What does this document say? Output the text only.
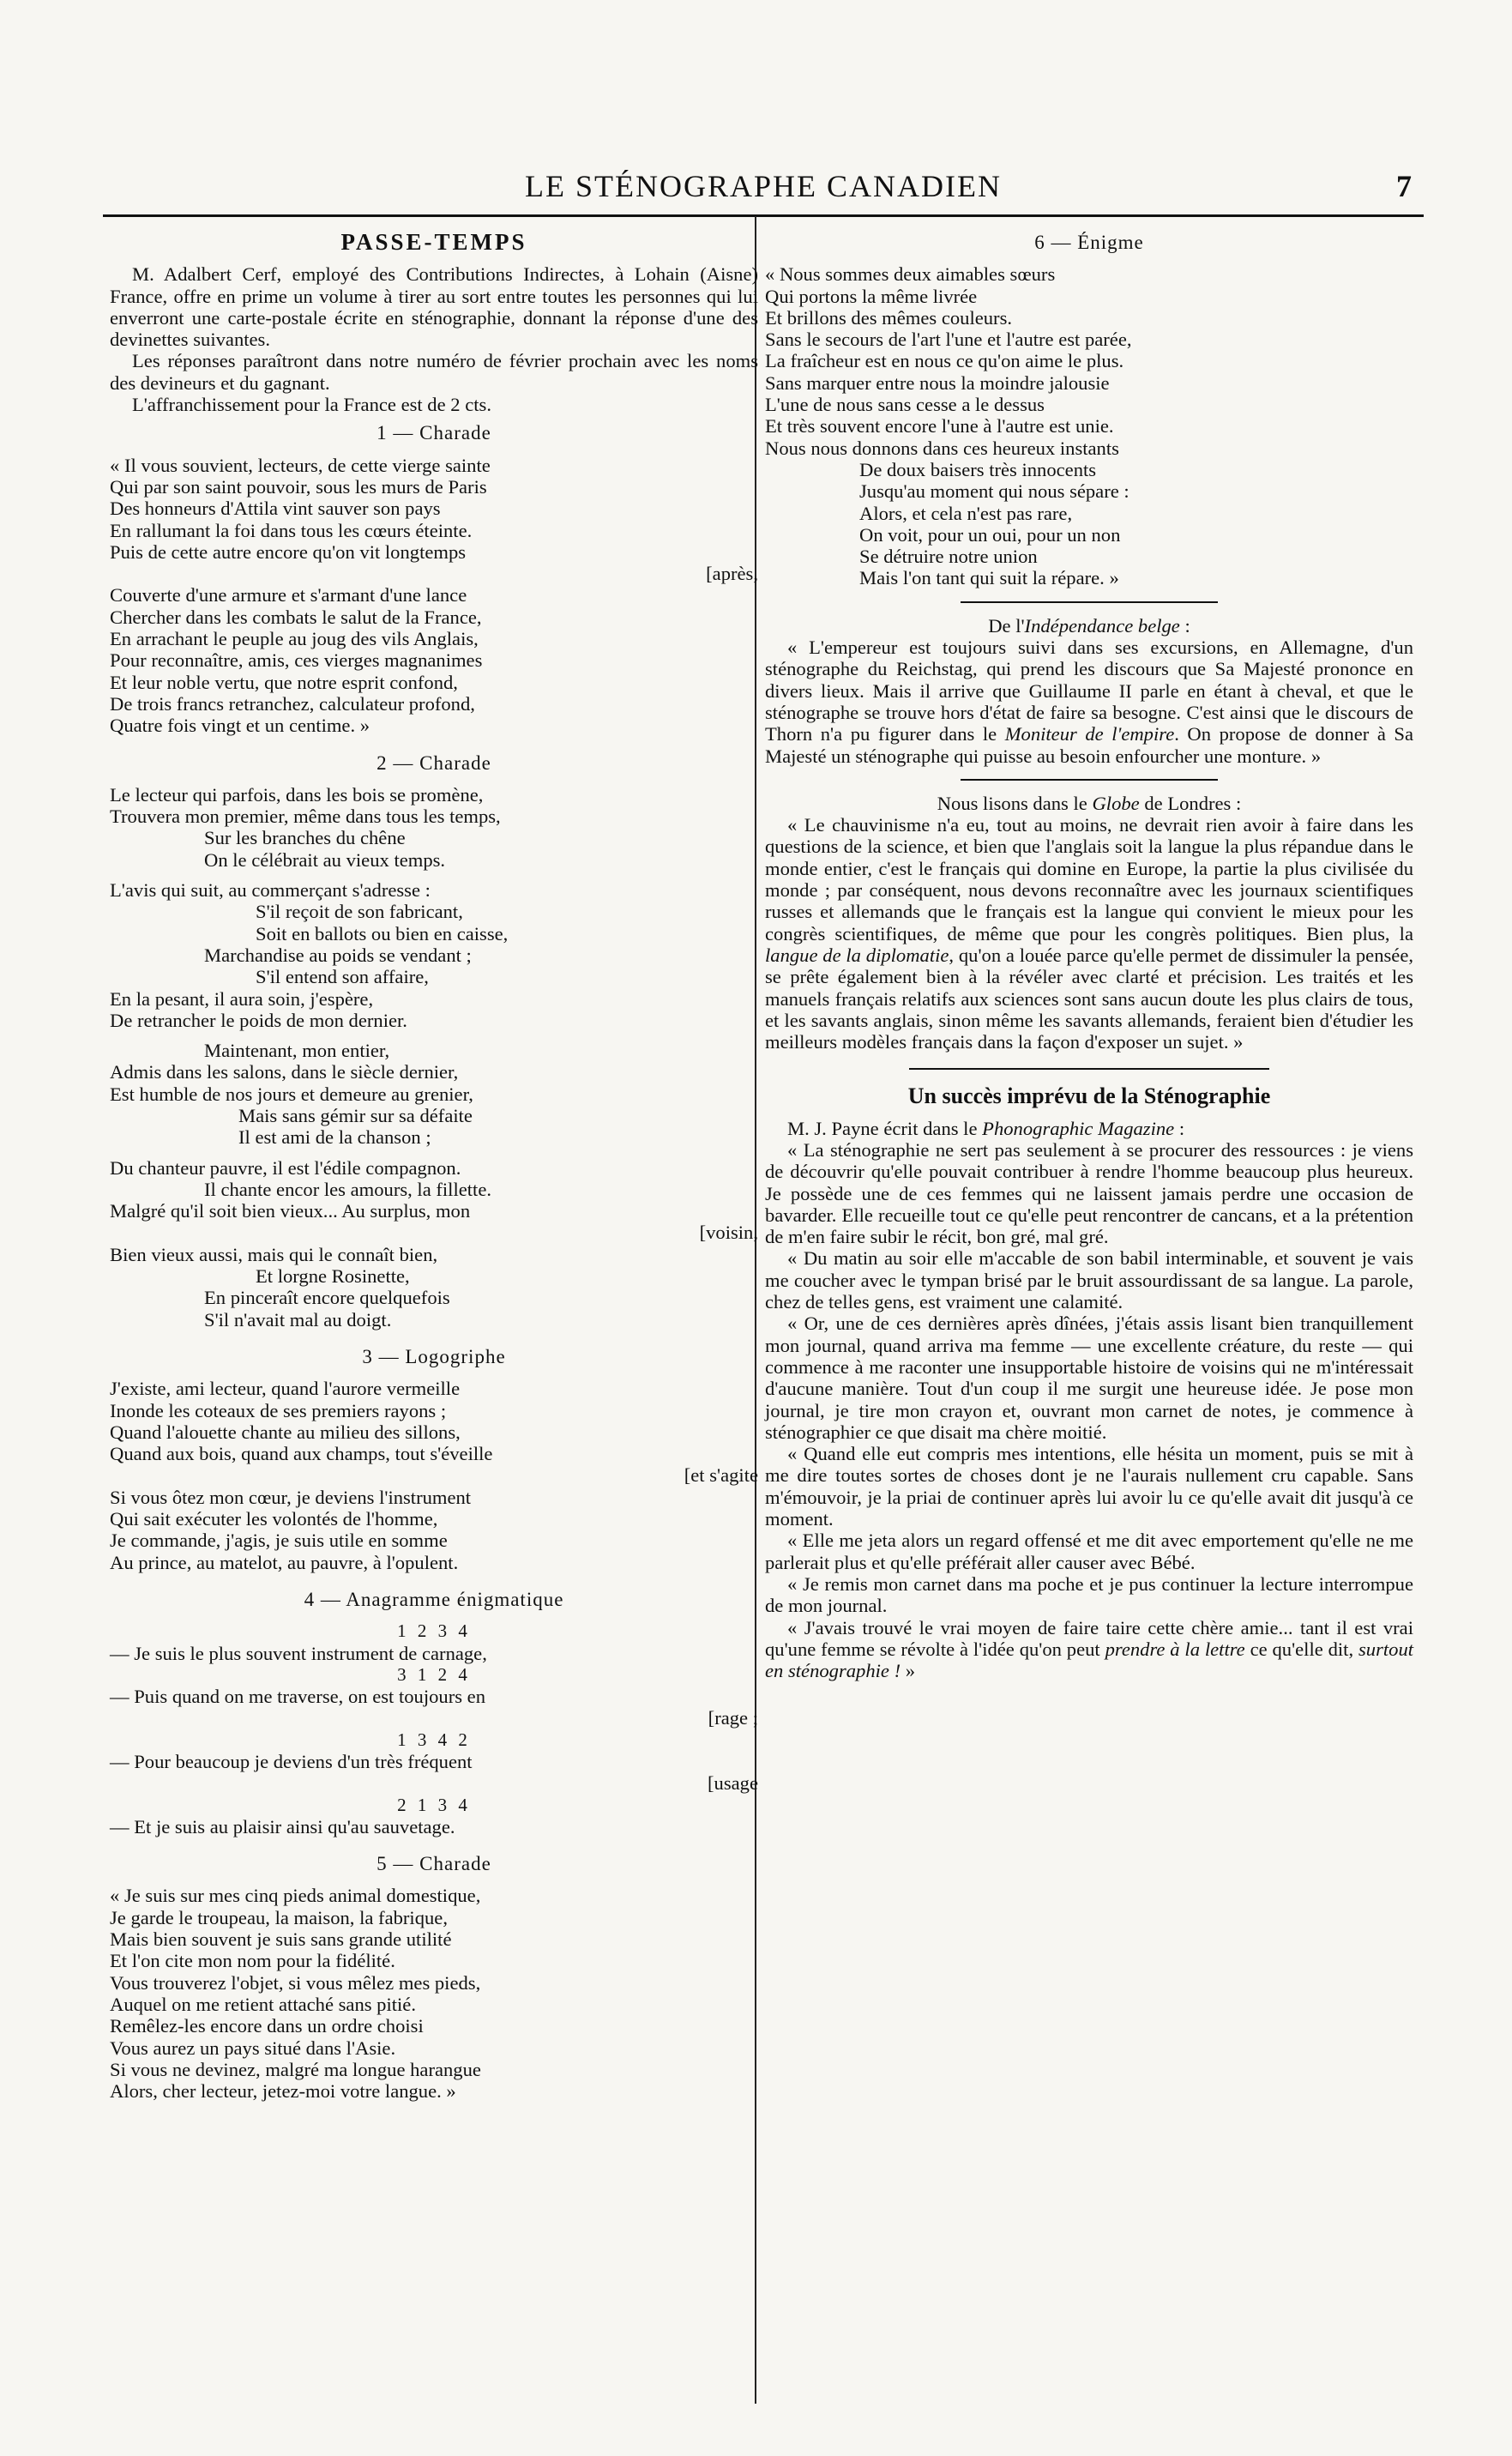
LE STÉNOGRAPHE CANADIEN	7
PASSE-TEMPS

M. Adalbert Cerf, employé des Contributions Indirectes, à Lohain (Aisne) France, offre en prime un volume à tirer au sort entre toutes les personnes qui lui enverront une carte-postale écrite en sténographie, donnant la réponse d'une des devinettes suivantes.

Les réponses paraîtront dans notre numéro de février prochain avec les noms des devineurs et du gagnant.

L'affranchissement pour la France est de 2 cts.

1 — Charade
« Il vous souvient, lecteurs, de cette vierge sainte
Qui par son saint pouvoir, sous les murs de Paris
Des honneurs d'Attila vint sauver son pays
En rallumant la foi dans tous les cœurs éteinte.
Puis de cette autre encore qu'on vit longtemps
[après,
Couverte d'une armure et s'armant d'une lance
Chercher dans les combats le salut de la France,
En arrachant le peuple au joug des vils Anglais,
Pour reconnaître, amis, ces vierges magnanimes
Et leur noble vertu, que notre esprit confond,
De trois francs retranchez, calculateur profond,
Quatre fois vingt et un centime. »
2 — Charade
Le lecteur qui parfois, dans les bois se promène,
Trouvera mon premier, même dans tous les temps,
Sur les branches du chêne
On le célébrait au vieux temps.
L'avis qui suit, au commerçant s'adresse :
S'il reçoit de son fabricant,
Soit en ballots ou bien en caisse,
Marchandise au poids se vendant ;
S'il entend son affaire,
En la pesant, il aura soin, j'espère,
De retrancher le poids de mon dernier.
Maintenant, mon entier,
Admis dans les salons, dans le siècle dernier,
Est humble de nos jours et demeure au grenier,
Mais sans gémir sur sa défaite
Il est ami de la chanson ;
Du chanteur pauvre, il est l'édile compagnon.
Il chante encor les amours, la fillette.
Malgré qu'il soit bien vieux... Au surplus, mon
[voisin,
Bien vieux aussi, mais qui le connaît bien,
Et lorgne Rosinette,
En pinceraît encore quelquefois
S'il n'avait mal au doigt.
3 — Logogriphe
J'existe, ami lecteur, quand l'aurore vermeille
Inonde les coteaux de ses premiers rayons ;
Quand l'alouette chante au milieu des sillons,
Quand aux bois, quand aux champs, tout s'éveille
[et s'agite
Si vous ôtez mon cœur, je deviens l'instrument
Qui sait exécuter les volontés de l'homme,
Je commande, j'agis, je suis utile en somme
Au prince, au matelot, au pauvre, à l'opulent.
4 — Anagramme énigmatique
1 2 3 4
— Je suis le plus souvent instrument de carnage,
3 1 2 4
— Puis quand on me traverse, on est toujours en
[rage ;
1 3 4 2
— Pour beaucoup je deviens d'un très fréquent
[usage
2 1 3 4
— Et je suis au plaisir ainsi qu'au sauvetage.
5 — Charade
« Je suis sur mes cinq pieds animal domestique,
Je garde le troupeau, la maison, la fabrique,
Mais bien souvent je suis sans grande utilité
Et l'on cite mon nom pour la fidélité.
Vous trouverez l'objet, si vous mêlez mes pieds,
Auquel on me retient attaché sans pitié.
Remêlez-les encore dans un ordre choisi
Vous aurez un pays situé dans l'Asie.
Si vous ne devinez, malgré ma longue harangue
Alors, cher lecteur, jetez-moi votre langue. »
6 — Énigme
« Nous sommes deux aimables sœurs
Qui portons la même livrée
Et brillons des mêmes couleurs.
Sans le secours de l'art l'une et l'autre est parée,
La fraîcheur est en nous ce qu'on aime le plus.
Sans marquer entre nous la moindre jalousie
L'une de nous sans cesse a le dessus
Et très souvent encore l'une à l'autre est unie.
Nous nous donnons dans ces heureux instants
De doux baisers très innocents
Jusqu'au moment qui nous sépare :
Alors, et cela n'est pas rare,
On voit, pour un oui, pour un non
Se détruire notre union
Mais l'on tant qui suit la répare. »

De l'Indépendance belge :

« L'empereur est toujours suivi dans ses excursions, en Allemagne, d'un sténographe du Reichstag, qui prend les discours que Sa Majesté prononce en divers lieux. Mais il arrive que Guillaume II parle en étant à cheval, et que le sténographe se trouve hors d'état de faire sa besogne. C'est ainsi que le discours de Thorn n'a pu figurer dans le Moniteur de l'empire. On propose de donner à Sa Majesté un sténographe qui puisse au besoin enfourcher une monture. »

Nous lisons dans le Globe de Londres :

« Le chauvinisme n'a eu, tout au moins, ne devrait rien avoir à faire dans les questions de la science, et bien que l'anglais soit la langue la plus répandue dans le monde entier, c'est le français qui domine en Europe, la partie la plus civilisée du monde ; par conséquent, nous devons reconnaître avec les journaux scientifiques russes et allemands que le français est la langue qui convient le mieux pour les congrès scientifiques, de même que pour les congrès politiques. Bien plus, la langue de la diplomatie, qu'on a louée parce qu'elle permet de dissimuler la pensée, se prête également bien à la révéler avec clarté et précision. Les traités et les manuels français relatifs aux sciences sont sans aucun doute les plus clairs de tous, et les savants anglais, sinon même les savants allemands, feraient bien d'étudier les meilleurs modèles français dans la façon d'exposer un sujet. »

Un succès imprévu de la Sténographie

M. J. Payne écrit dans le Phonographic Magazine :

« La sténographie ne sert pas seulement à se procurer des ressources : je viens de découvrir qu'elle pouvait contribuer à rendre l'homme beaucoup plus heureux. Je possède une de ces femmes qui ne laissent jamais perdre une occasion de bavarder. Elle recueille tout ce qu'elle peut rencontrer de cancans, et a la prétention de m'en faire subir le récit, bon gré, mal gré.

« Du matin au soir elle m'accable de son babil interminable, et souvent je vais me coucher avec le tympan brisé par le bruit assourdissant de sa langue. La parole, chez de telles gens, est vraiment une calamité.

« Or, une de ces dernières après dînées, j'étais assis lisant bien tranquillement mon journal, quand arriva ma femme — une excellente créature, du reste — qui commence à me raconter une insupportable histoire de voisins qui ne m'intéressait d'aucune manière. Tout d'un coup il me surgit une heureuse idée. Je pose mon journal, je tire mon crayon et, ouvrant mon carnet de notes, je commence à sténographier ce que disait ma chère moitié.

« Quand elle eut compris mes intentions, elle hésita un moment, puis se mit à me dire toutes sortes de choses dont je ne l'aurais nullement cru capable. Sans m'émouvoir, je la priai de continuer après lui avoir lu ce qu'elle avait dit jusqu'à ce moment.

« Elle me jeta alors un regard offensé et me dit avec emportement qu'elle ne me parlerait plus et qu'elle préférait aller causer avec Bébé.

« Je remis mon carnet dans ma poche et je pus continuer la lecture interrompue de mon journal.

« J'avais trouvé le vrai moyen de faire taire cette chère amie... tant il est vrai qu'une femme se révolte à l'idée qu'on peut prendre à la lettre ce qu'elle dit, surtout en sténographie ! »
